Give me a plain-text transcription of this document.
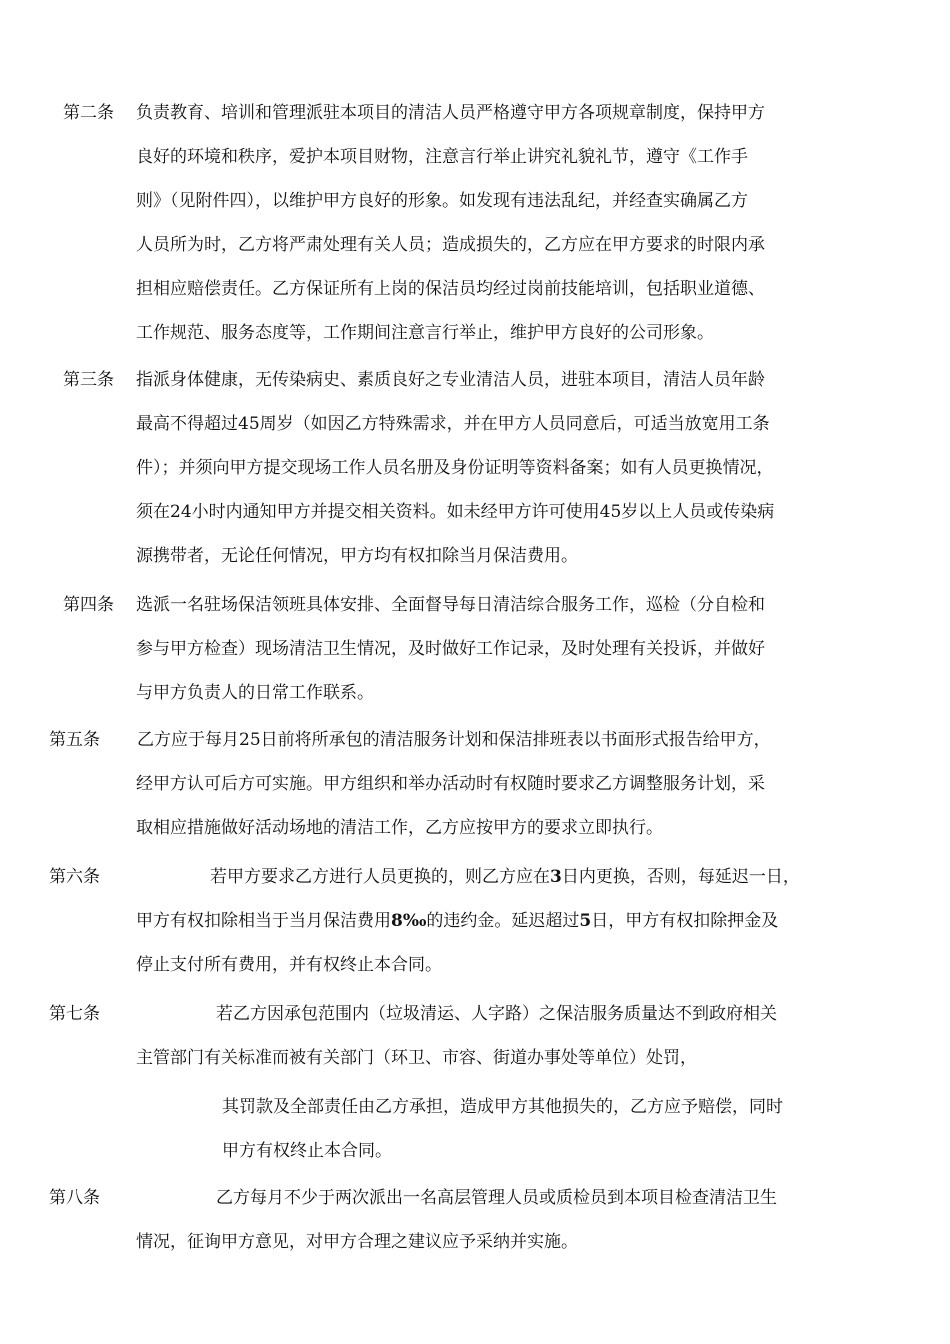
第二条 负责教育、培训和管理派驻本项目的清洁人员严格遵守甲方各项规章制度，保持甲方
良好的环境和秩序，爱护本项目财物，注意言行举止讲究礼貌礼节，遵守《工作手
则》（见附件四），以维护甲方良好的形象。如发现有违法乱纪，并经查实确属乙方
人员所为时，乙方将严肃处理有关人员；造成损失的，乙方应在甲方要求的时限内承
担相应赔偿责任。乙方保证所有上岗的保洁员均经过岗前技能培训，包括职业道德、
工作规范、服务态度等，工作期间注意言行举止，维护甲方良好的公司形象。
第三条 指派身体健康，无传染病史、素质良好之专业清洁人员，进驻本项目，清洁人员年龄
最高不得超过45周岁（如因乙方特殊需求，并在甲方人员同意后，可适当放宽用工条
件）；并须向甲方提交现场工作人员名册及身份证明等资料备案；如有人员更换情况，
须在24小时内通知甲方并提交相关资料。如未经甲方许可使用45岁以上人员或传染病
源携带者，无论任何情况，甲方均有权扣除当月保洁费用。
第四条 选派一名驻场保洁领班具体安排、全面督导每日清洁综合服务工作，巡检（分自检和
参与甲方检查）现场清洁卫生情况，及时做好工作记录，及时处理有关投诉，并做好
与甲方负责人的日常工作联系。
第五条 乙方应于每月25日前将所承包的清洁服务计划和保洁排班表以书面形式报告给甲方，
经甲方认可后方可实施。甲方组织和举办活动时有权随时要求乙方调整服务计划，采
取相应措施做好活动场地的清洁工作，乙方应按甲方的要求立即执行。
第六条	若甲方要求乙方进行人员更换的，则乙方应在3日内更换，否则，每延迟一日，
甲方有权扣除相当于当月保洁费用8‰的违约金。延迟超过5日，甲方有权扣除押金及
停止支付所有费用，并有权终止本合同。
第七条	若乙方因承包范围内（垃圾清运、人字路）之保洁服务质量达不到政府相关
主管部门有关标准而被有关部门（环卫、市容、街道办事处等单位）处罚，
其罚款及全部责任由乙方承担，造成甲方其他损失的，乙方应予赔偿，同时
甲方有权终止本合同。
第八条	乙方每月不少于两次派出一名高层管理人员或质检员到本项目检查清洁卫生
情况，征询甲方意见，对甲方合理之建议应予采纳并实施。
